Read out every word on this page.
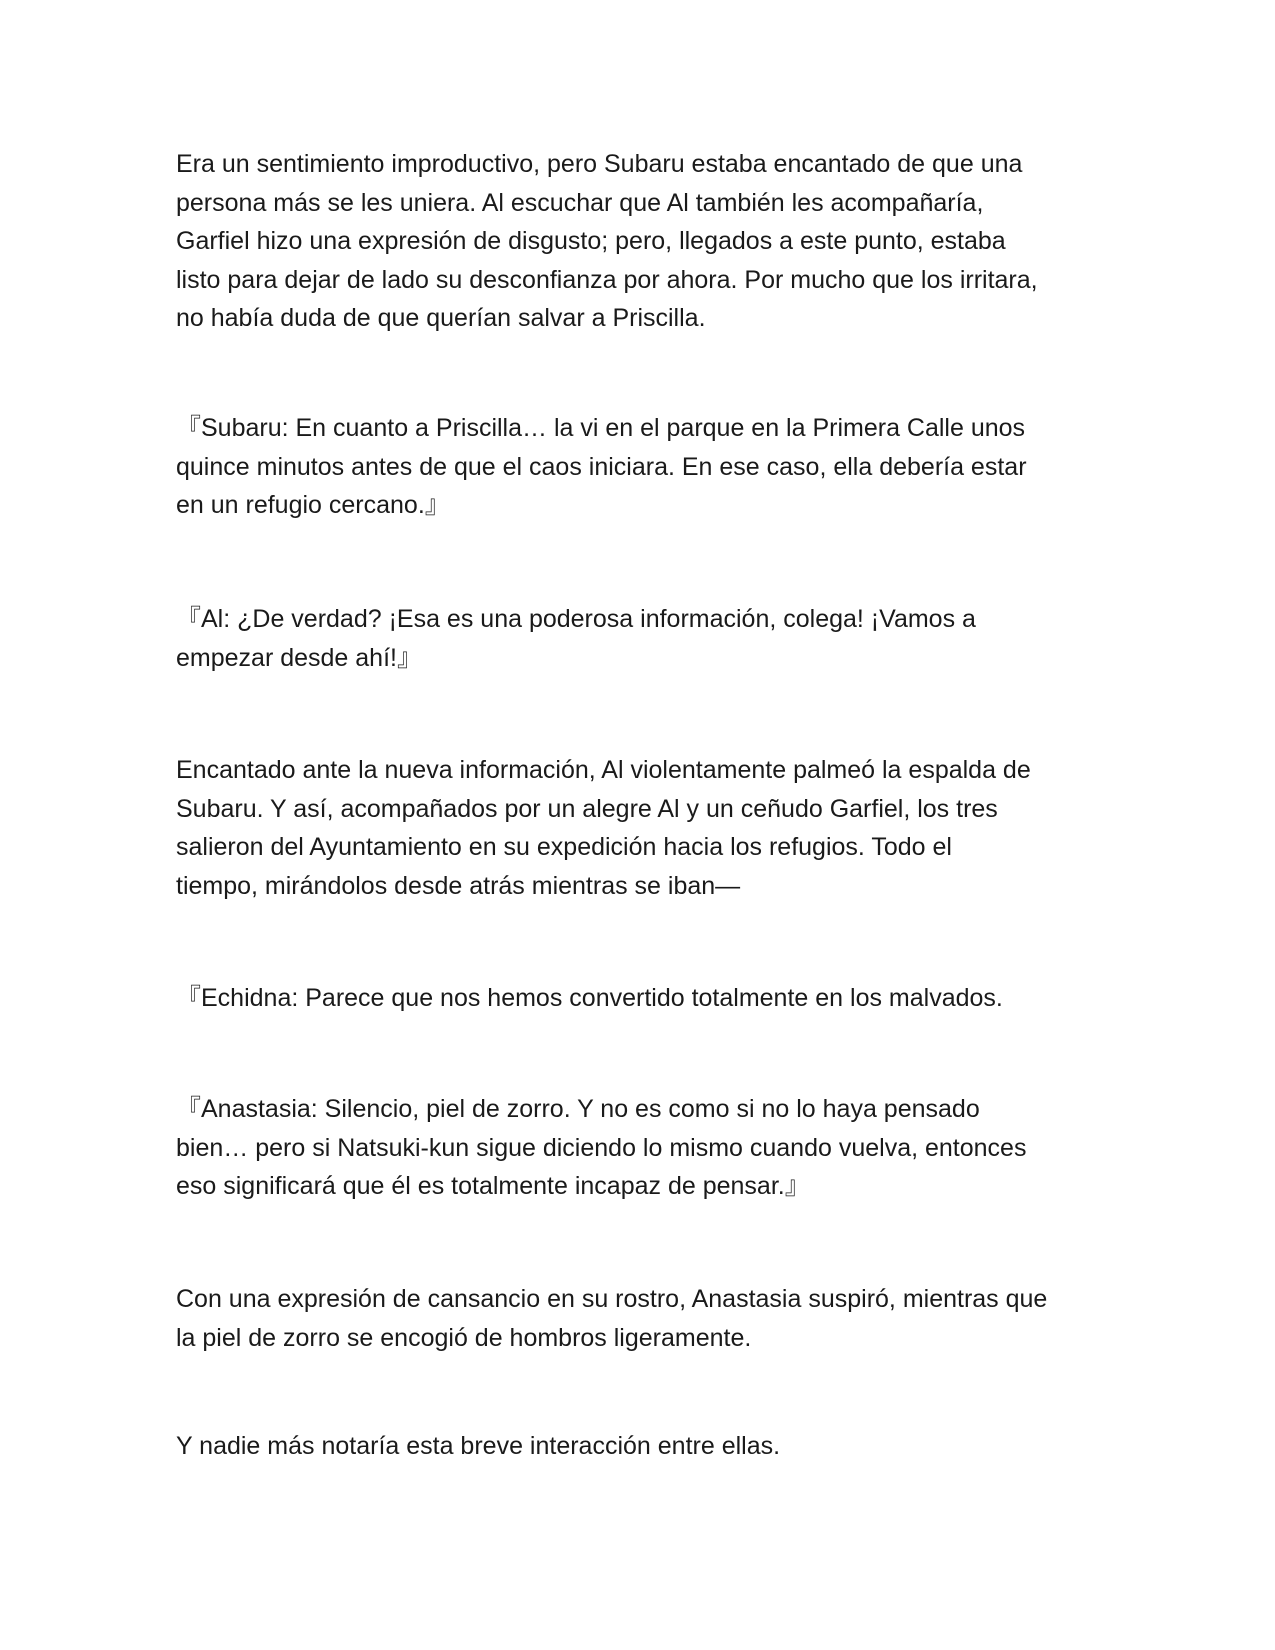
Era un sentimiento improductivo, pero Subaru estaba encantado de que una
persona más se les uniera. Al escuchar que Al también les acompañaría,
Garfiel hizo una expresión de disgusto; pero, llegados a este punto, estaba
listo para dejar de lado su desconfianza por ahora. Por mucho que los irritara,
no había duda de que querían salvar a Priscilla.

『Subaru: En cuanto a Priscilla… la vi en el parque en la Primera Calle unos
quince minutos antes de que el caos iniciara. En ese caso, ella debería estar
en un refugio cercano.』

『Al: ¿De verdad? ¡Esa es una poderosa información, colega! ¡Vamos a
empezar desde ahí!』

Encantado ante la nueva información, Al violentamente palmeó la espalda de
Subaru. Y así, acompañados por un alegre Al y un ceñudo Garfiel, los tres
salieron del Ayuntamiento en su expedición hacia los refugios. Todo el
tiempo, mirándolos desde atrás mientras se iban—

『Echidna: Parece que nos hemos convertido totalmente en los malvados.

『Anastasia: Silencio, piel de zorro. Y no es como si no lo haya pensado
bien… pero si Natsuki-kun sigue diciendo lo mismo cuando vuelva, entonces
eso significará que él es totalmente incapaz de pensar.』

Con una expresión de cansancio en su rostro, Anastasia suspiró, mientras que
la piel de zorro se encogió de hombros ligeramente.

Y nadie más notaría esta breve interacción entre ellas.
